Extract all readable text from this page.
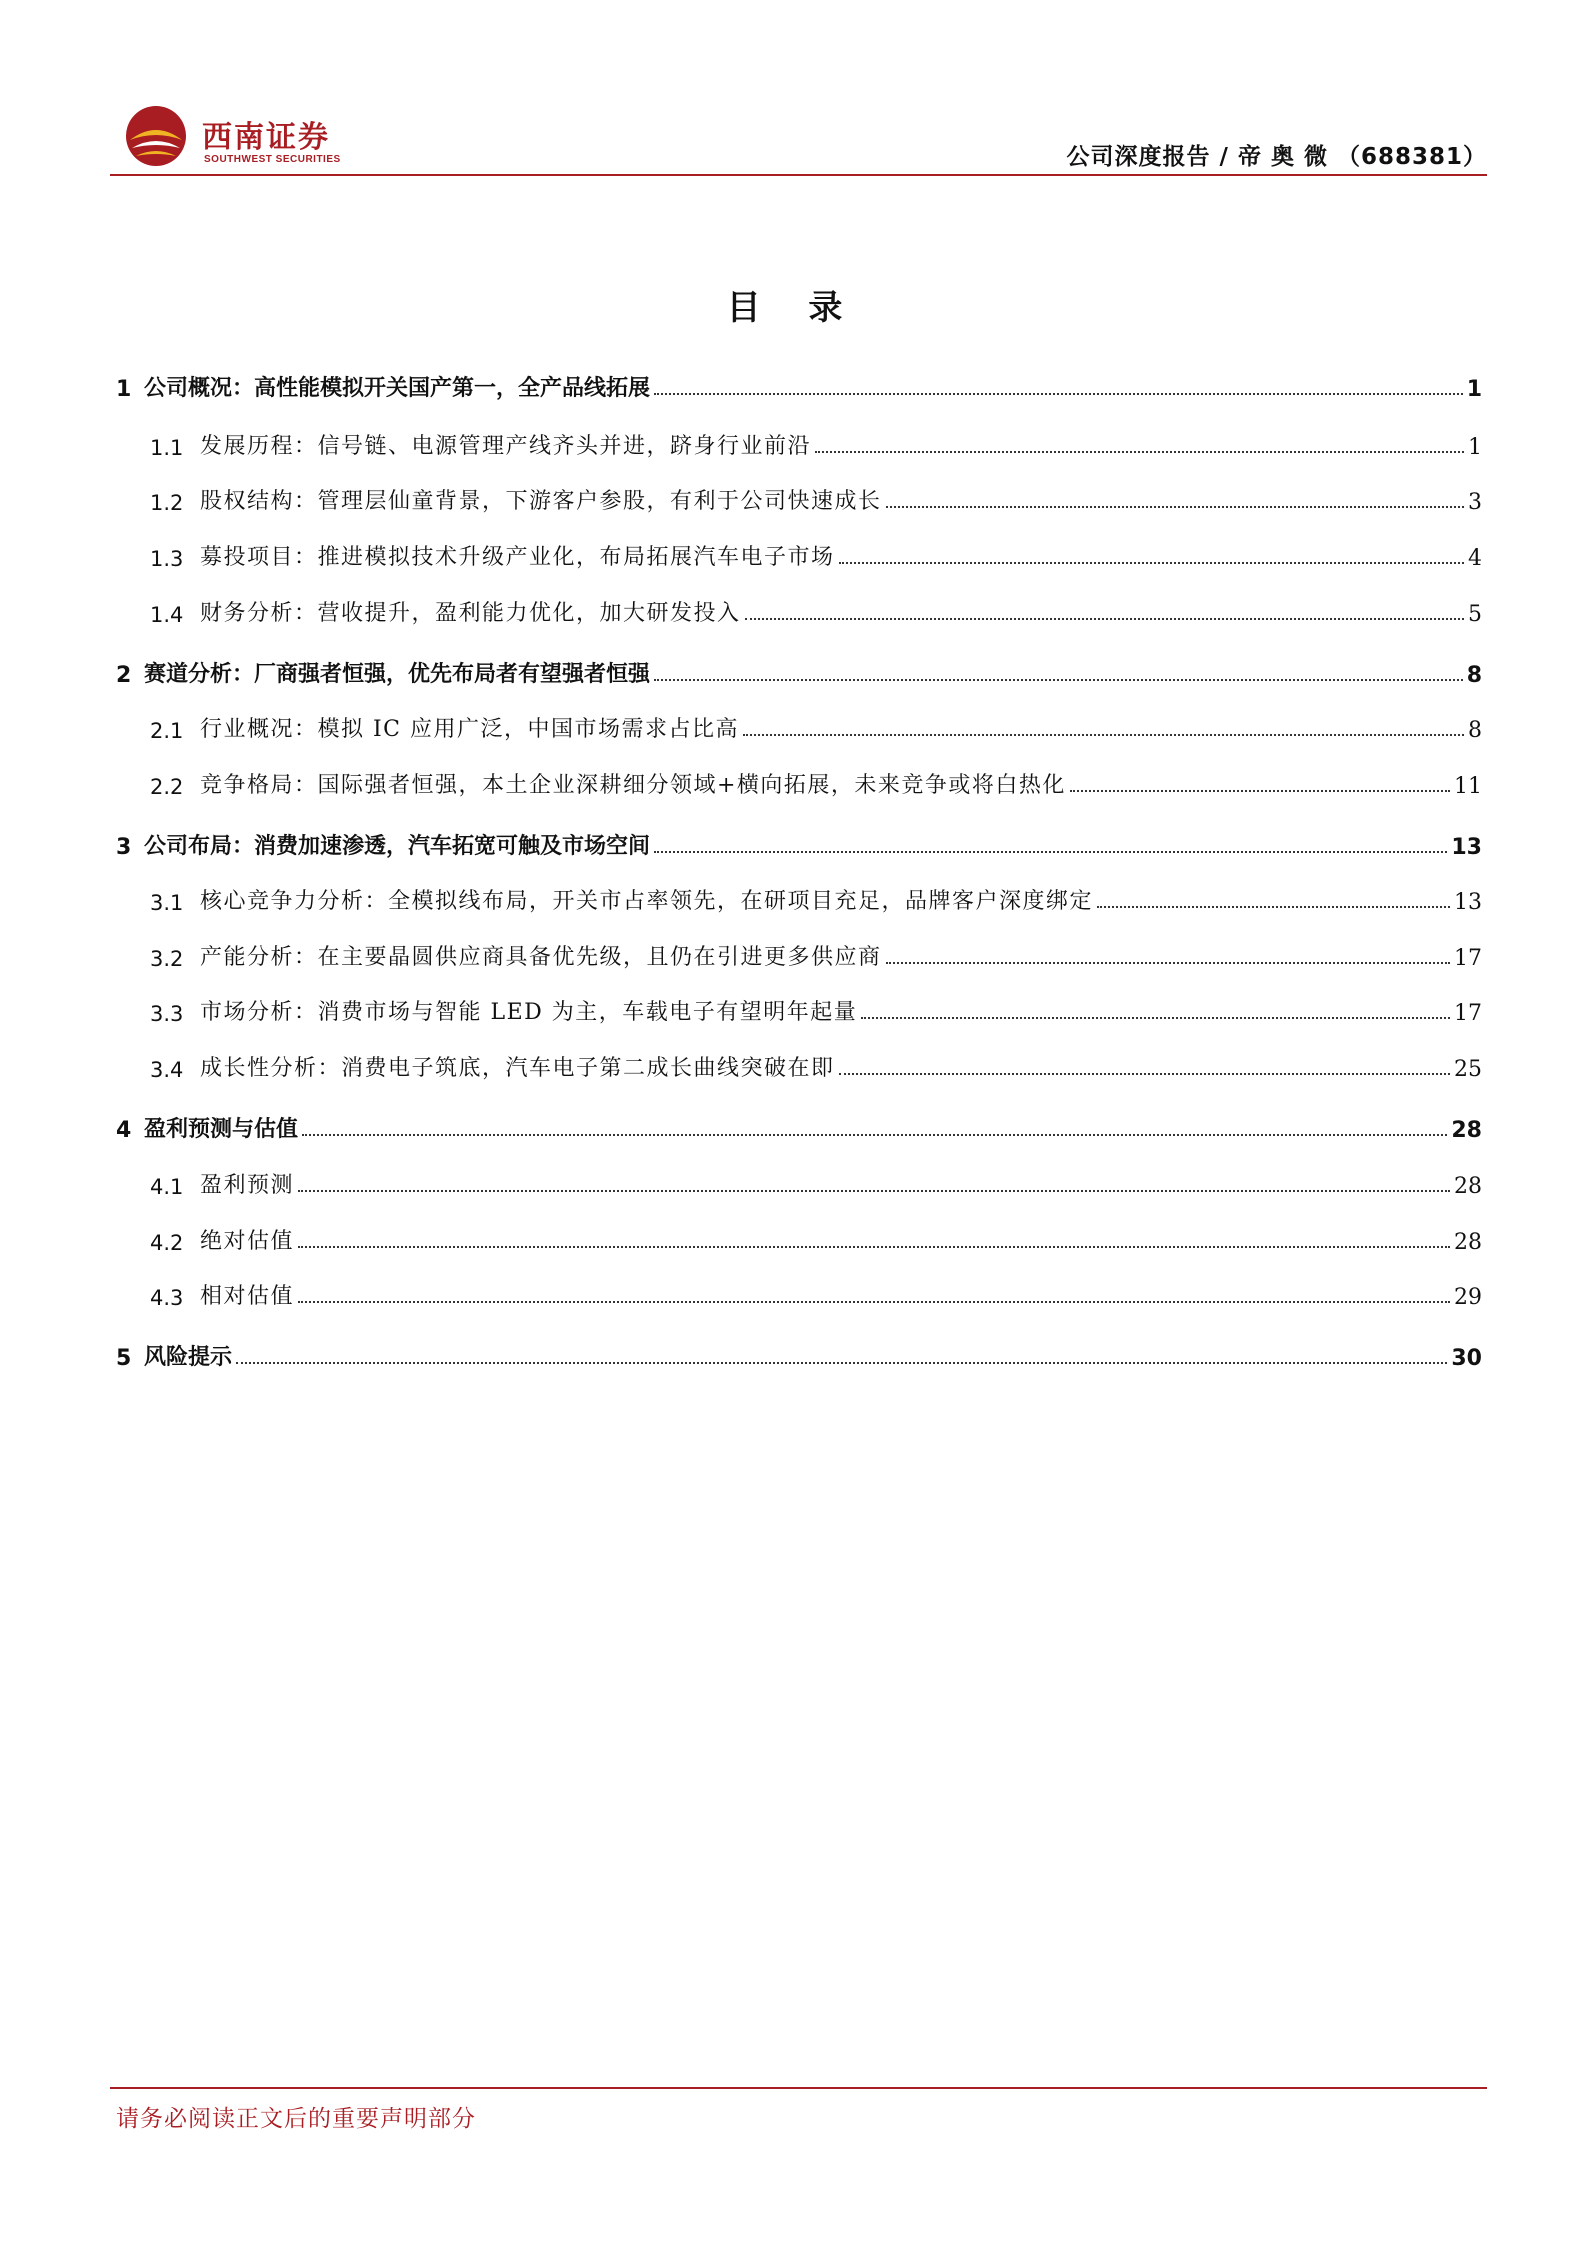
西南证券
SOUTHWEST SECURITIES	公司深度报告 / 帝 奥 微 （688381）
目 录
1 公司概况：高性能模拟开关国产第一，全产品线拓展	1
1.1 发展历程：信号链、电源管理产线齐头并进，跻身行业前沿	1
1.2 股权结构：管理层仙童背景，下游客户参股，有利于公司快速成长	3
1.3 募投项目：推进模拟技术升级产业化，布局拓展汽车电子市场	4
1.4 财务分析：营收提升，盈利能力优化，加大研发投入	5
2 赛道分析：厂商强者恒强，优先布局者有望强者恒强	8
2.1 行业概况：模拟 IC 应用广泛，中国市场需求占比高	8
2.2 竞争格局：国际强者恒强，本土企业深耕细分领域+横向拓展，未来竞争或将白热化	11
3 公司布局：消费加速渗透，汽车拓宽可触及市场空间	13
3.1 核心竞争力分析：全模拟线布局，开关市占率领先，在研项目充足，品牌客户深度绑定	13
3.2 产能分析：在主要晶圆供应商具备优先级，且仍在引进更多供应商	17
3.3 市场分析：消费市场与智能 LED 为主，车载电子有望明年起量	17
3.4 成长性分析：消费电子筑底，汽车电子第二成长曲线突破在即	25
4 盈利预测与估值	28
4.1 盈利预测	28
4.2 绝对估值	28
4.3 相对估值	29
5 风险提示	30
请务必阅读正文后的重要声明部分
